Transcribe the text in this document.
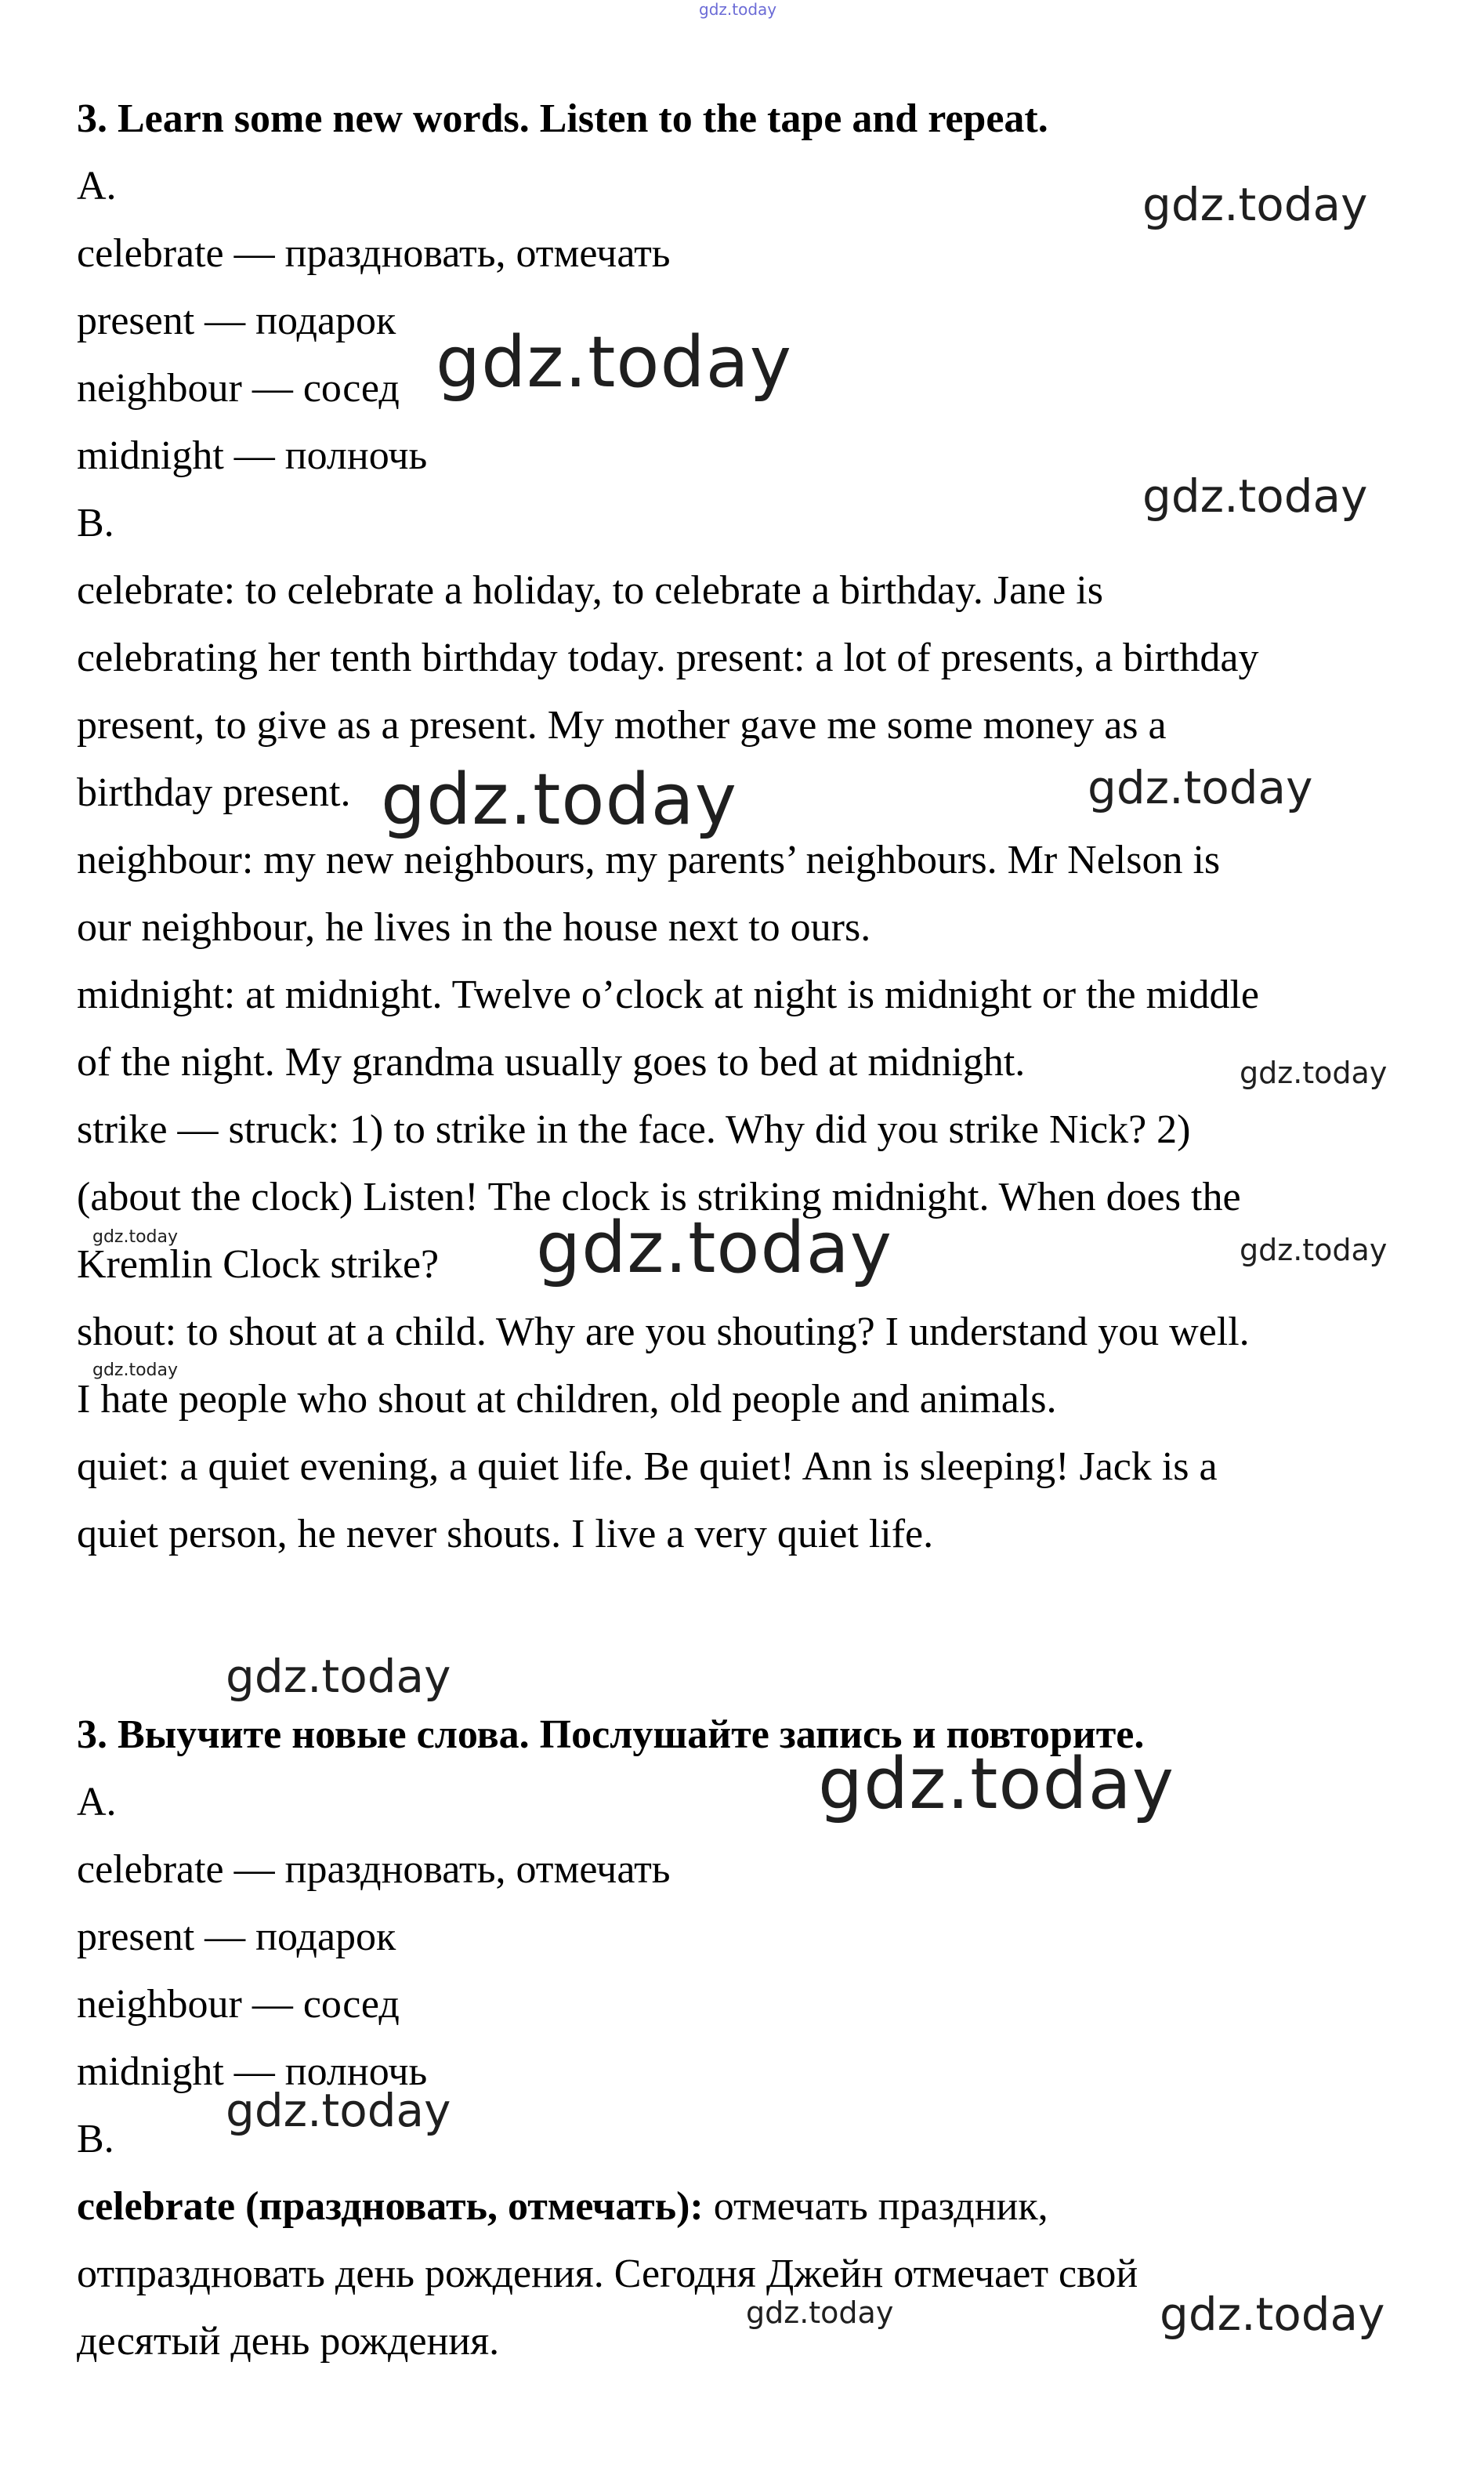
gdz.today
3. Learn some new words. Listen to the tape and repeat.
A.
celebrate — праздновать, отмечать
present — подарок
neighbour — сосед
midnight — полночь
B.
celebrate: to celebrate a holiday, to celebrate a birthday. Jane is
celebrating her tenth birthday today. present: a lot of presents, a birthday
present, to give as a present. My mother gave me some money as a
birthday present.
neighbour: my new neighbours, my parents’ neighbours. Mr Nelson is
our neighbour, he lives in the house next to ours.
midnight: at midnight. Twelve o’clock at night is midnight or the middle
of the night. My grandma usually goes to bed at midnight.
strike — struck: 1) to strike in the face. Why did you strike Nick? 2)
(about the clock) Listen! The clock is striking midnight. When does the
Kremlin Clock strike?
shout: to shout at a child. Why are you shouting? I understand you well.
I hate people who shout at children, old people and animals.
quiet: a quiet evening, a quiet life. Be quiet! Ann is sleeping! Jack is a
quiet person, he never shouts. I live a very quiet life.
3. Выучите новые слова. Послушайте запись и повторите.
A.
celebrate — праздновать, отмечать
present — подарок
neighbour — сосед
midnight — полночь
B.
celebrate (праздновать, отмечать): отмечать праздник,
отпраздновать день рождения. Сегодня Джейн отмечает свой
десятый день рождения.
gdz.today
gdz.today
gdz.today
gdz.today	gdz.today
gdz.today
gdz.today	gdz.today	gdz.today
gdz.today
gdz.today
gdz.today
gdz.today
gdz.today	gdz.today
